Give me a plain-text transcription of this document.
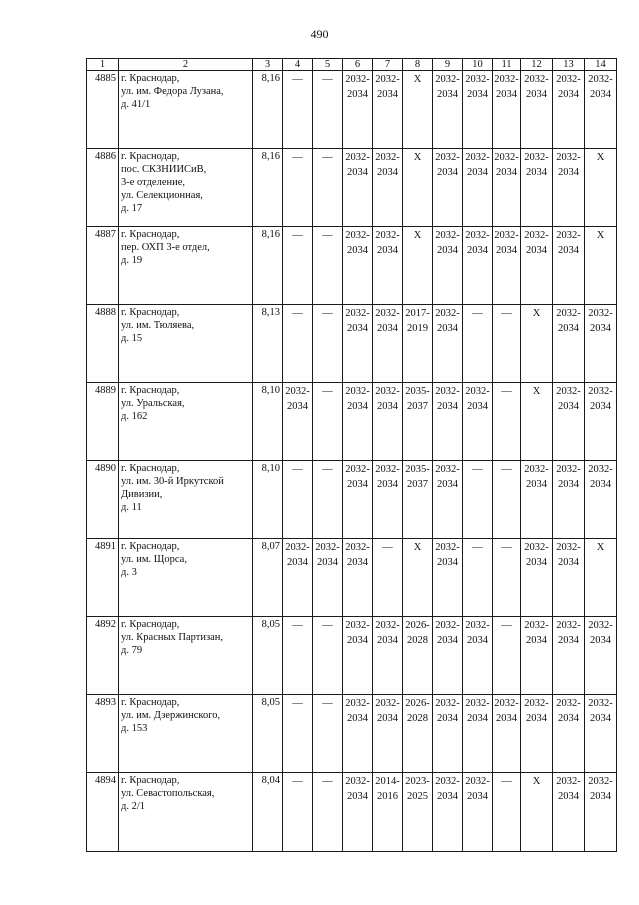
490
1	2	3	4	5	6	7	8	9	10	11	12	13	14
4885	г. Краснодар,
ул. им. Федора Лузана,
д. 41/1	8,16	—	—	2032-
2034	2032-
2034	Х	2032-
2034	2032-
2034	2032-
2034	2032-
2034	2032-
2034	2032-
2034
4886	г. Краснодар,
пос. СКЗНИИСиВ,
3-е отделение,
ул. Селекционная,
д. 17	8,16	—	—	2032-
2034	2032-
2034	Х	2032-
2034	2032-
2034	2032-
2034	2032-
2034	2032-
2034	Х
4887	г. Краснодар,
пер. ОХП 3-е отдел,
д. 19	8,16	—	—	2032-
2034	2032-
2034	Х	2032-
2034	2032-
2034	2032-
2034	2032-
2034	2032-
2034	Х
4888	г. Краснодар,
ул. им. Тюляева,
д. 15	8,13	—	—	2032-
2034	2032-
2034	2017-
2019	2032-
2034	—	—	Х	2032-
2034	2032-
2034
4889	г. Краснодар,
ул. Уральская,
д. 162	8,10	2032-
2034	—	2032-
2034	2032-
2034	2035-
2037	2032-
2034	2032-
2034	—	Х	2032-
2034	2032-
2034
4890	г. Краснодар,
ул. им. 30-й Иркутской
Дивизии,
д. 11	8,10	—	—	2032-
2034	2032-
2034	2035-
2037	2032-
2034	—	—	2032-
2034	2032-
2034	2032-
2034
4891	г. Краснодар,
ул. им. Щорса,
д. 3	8,07	2032-
2034	2032-
2034	2032-
2034	—	Х	2032-
2034	—	—	2032-
2034	2032-
2034	Х
4892	г. Краснодар,
ул. Красных Партизан,
д. 79	8,05	—	—	2032-
2034	2032-
2034	2026-
2028	2032-
2034	2032-
2034	—	2032-
2034	2032-
2034	2032-
2034
4893	г. Краснодар,
ул. им. Дзержинского,
д. 153	8,05	—	—	2032-
2034	2032-
2034	2026-
2028	2032-
2034	2032-
2034	2032-
2034	2032-
2034	2032-
2034	2032-
2034
4894	г. Краснодар,
ул. Севастопольская,
д. 2/1	8,04	—	—	2032-
2034	2014-
2016	2023-
2025	2032-
2034	2032-
2034	—	Х	2032-
2034	2032-
2034
